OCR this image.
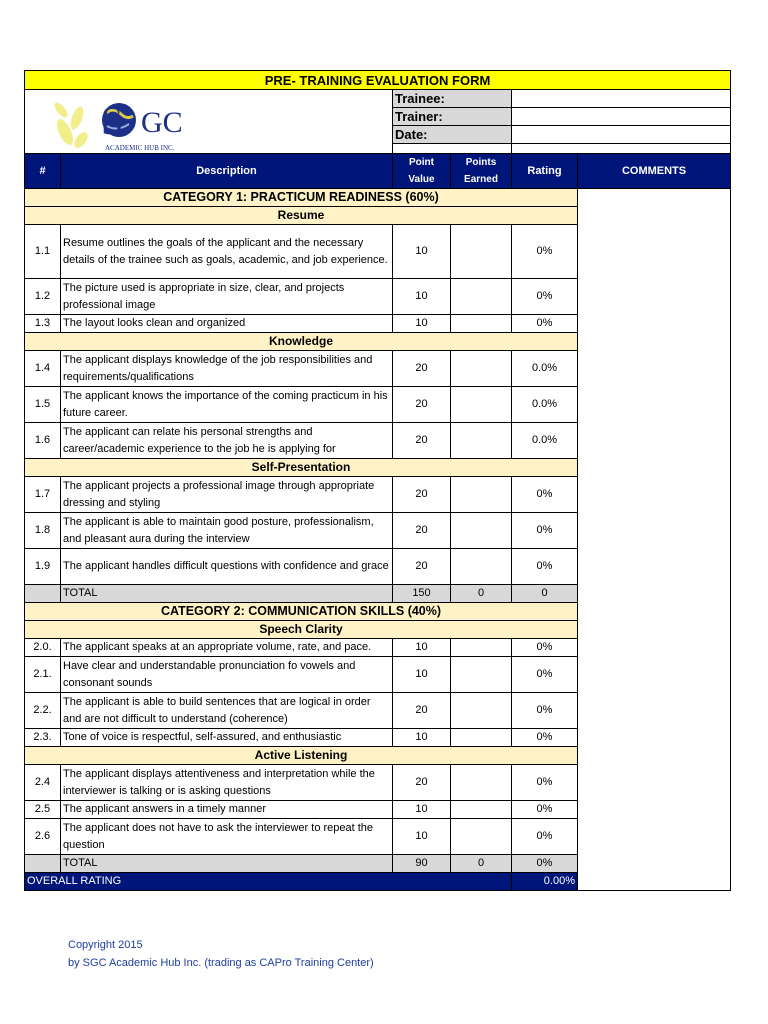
PRE- TRAINING EVALUATION FORM					

S GC
ACADEMIC HUB INC.		Trainee:			
		Trainer:			
		Date:			

#	Description	Point Value	Points Earned	Rating	COMMENTS
CATEGORY 1: PRACTICUM READINESS (60%)					
Resume					
1.1	Resume outlines the goals of the applicant and the necessary details of the trainee such as goals, academic, and job experience.	10		0%	
1.2	The picture used is appropriate in size, clear, and projects professional image	10		0%	
1.3	The layout looks clean and organized	10		0%	
Knowledge					
1.4	The applicant displays knowledge of the job responsibilities and requirements/qualifications	20		0.0%	
1.5	The applicant knows the importance of the coming practicum in his future career.	20		0.0%	
1.6	The applicant can relate his personal strengths and career/academic experience to the job he is applying for	20		0.0%	
Self-Presentation					
1.7	The applicant projects a professional image through appropriate dressing and styling	20		0%	
1.8	The applicant is able to maintain good posture, professionalism, and pleasant aura during the interview	20		0%	
1.9	The applicant handles difficult questions with confidence and grace	20		0%	
	TOTAL	150	0	0	
CATEGORY 2: COMMUNICATION SKILLS (40%)					
Speech Clarity					
2.0.	The applicant speaks at an appropriate volume, rate, and pace.	10		0%	
2.1.	Have clear and understandable pronunciation fo vowels and consonant sounds	10		0%	
2.2.	The applicant is able to build sentences that are logical in order and are not difficult to understand (coherence)	20		0%	
2.3.	Tone of voice is respectful, self-assured, and enthusiastic	10		0%	
Active Listening					
2.4	The applicant displays attentiveness and interpretation while the interviewer is talking or is asking questions	20		0%	
2.5	The applicant answers in a timely manner	10		0%	
2.6	The applicant does not have to ask the interviewer to repeat the question	10		0%	
	TOTAL	90	0	0%	
OVERALL RATING				0.00%	
Copyright 2015
by SGC Academic Hub Inc. (trading as CAPro Training Center)
